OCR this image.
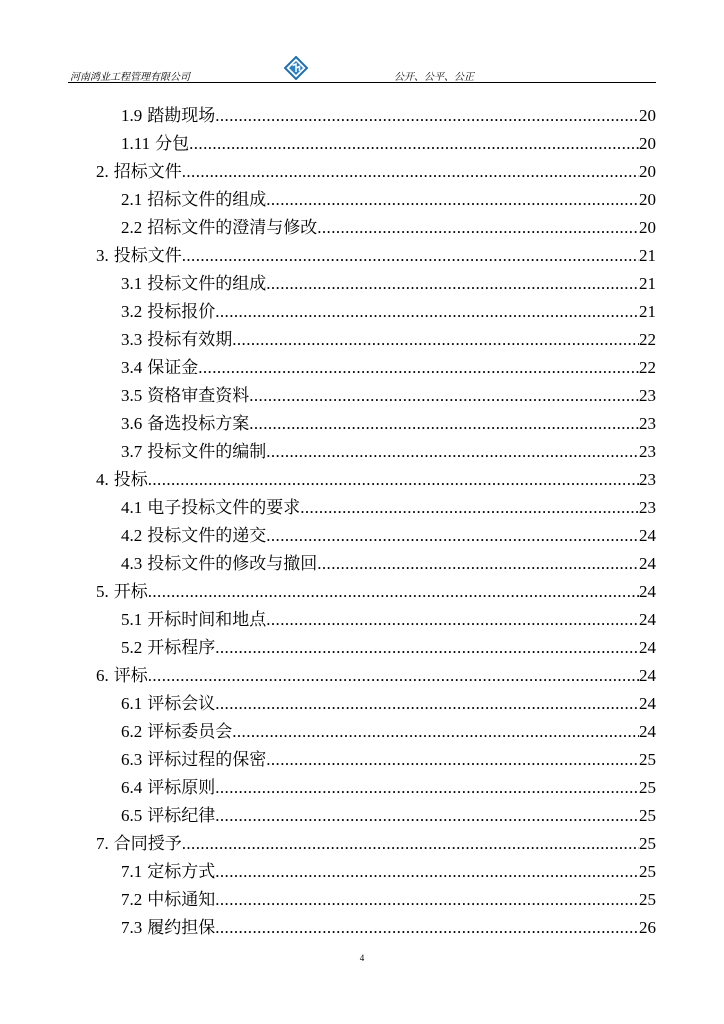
河南鸿业工程管理有限公司	公开、公平、公正
1.9 踏勘现场 .....	20
1.11 分包 .....	20
2. 招标文件 .....	20
2.1 招标文件的组成 .....	20
2.2 招标文件的澄清与修改 .....	20
3. 投标文件 .....	21
3.1 投标文件的组成 .....	21
3.2 投标报价 .....	21
3.3 投标有效期 .....	22
3.4 保证金 .....	22
3.5 资格审查资料 .....	23
3.6 备选投标方案 .....	23
3.7 投标文件的编制 .....	23
4. 投标 .....	23
4.1 电子投标文件的要求 .....	23
4.2 投标文件的递交 .....	24
4.3 投标文件的修改与撤回 .....	24
5. 开标 .....	24
5.1 开标时间和地点 .....	24
5.2 开标程序 .....	24
6. 评标 .....	24
6.1 评标会议 .....	24
6.2 评标委员会 .....	24
6.3 评标过程的保密 .....	25
6.4 评标原则 .....	25
6.5 评标纪律 .....	25
7. 合同授予 .....	25
7.1 定标方式 .....	25
7.2 中标通知 .....	25
7.3 履约担保 .....	26
4
